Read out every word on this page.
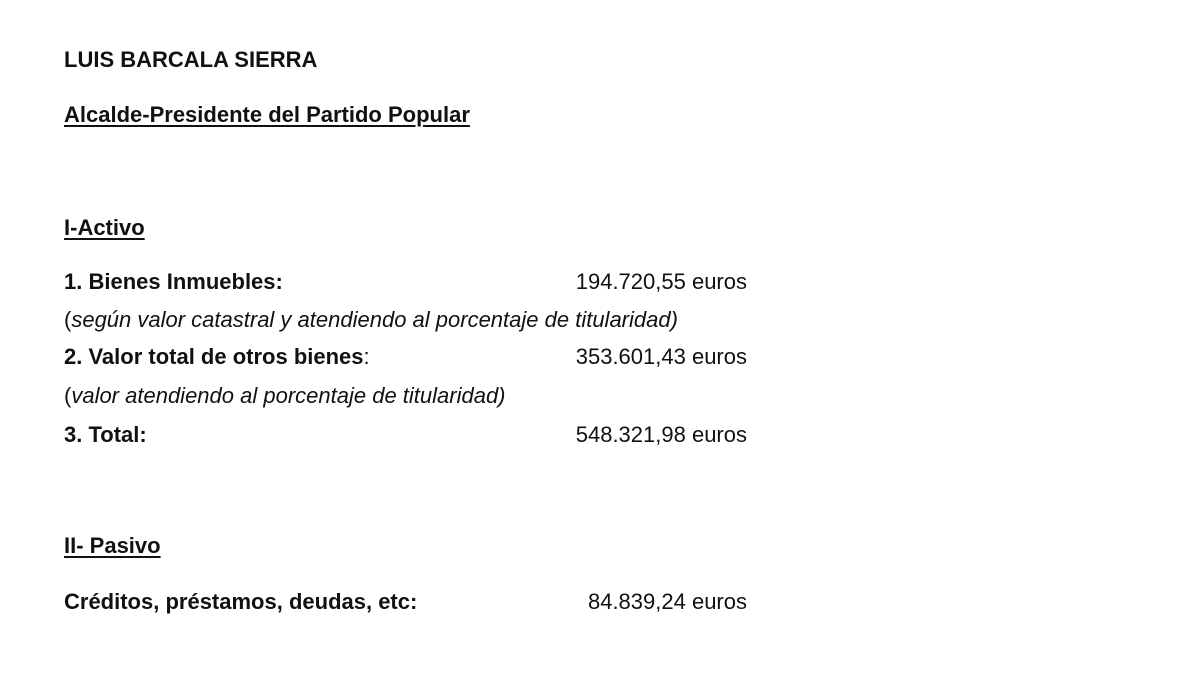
LUIS BARCALA SIERRA
Alcalde-Presidente del Partido Popular
I-Activo
1. Bienes Inmuebles:	194.720,55 euros
(según valor catastral y atendiendo al porcentaje de titularidad)
2. Valor total de otros bienes:	353.601,43 euros
(valor atendiendo al porcentaje de titularidad)
3. Total:	548.321,98 euros
II- Pasivo
Créditos, préstamos, deudas, etc:	84.839,24 euros
